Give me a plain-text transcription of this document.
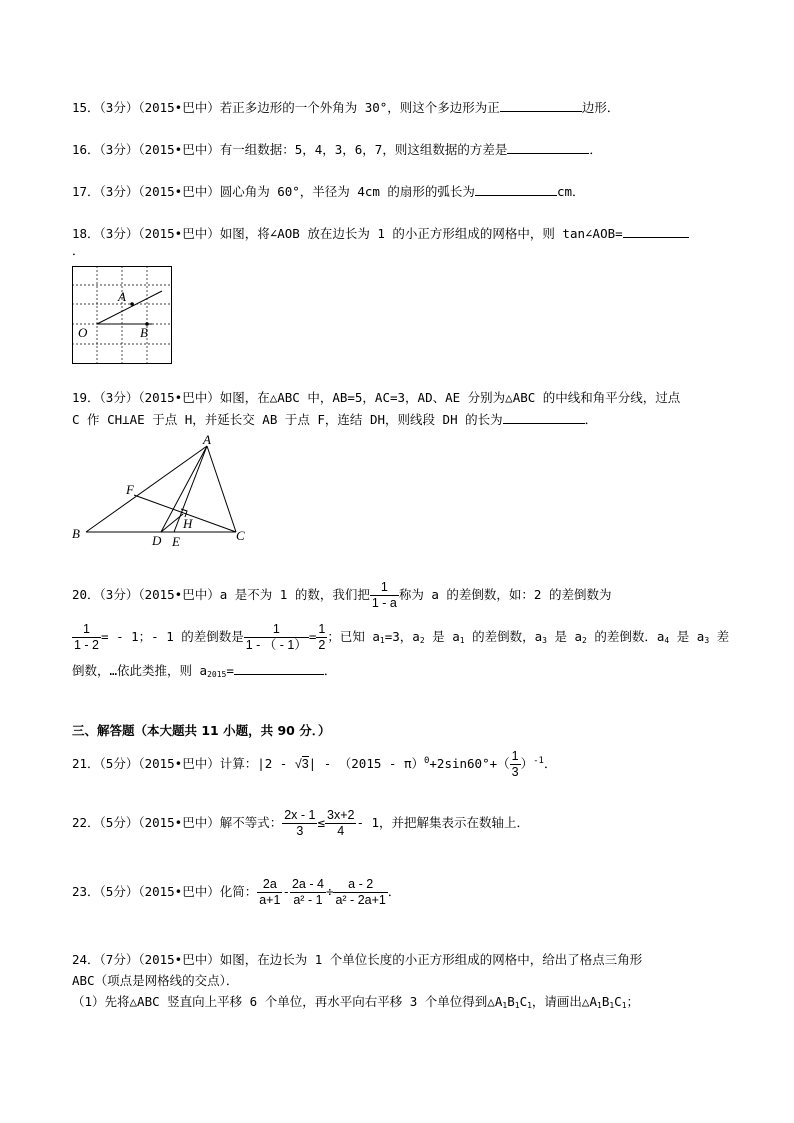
15．（3分）（2015•巴中）若正多边形的一个外角为 30°，则这个多边形为正	边形．
16．（3分）（2015•巴中）有一组数据：5，4，3，6，7，则这组数据的方差是	．
17．（3分）（2015•巴中）圆心角为 60°，半径为 4cm 的扇形的弧长为	cm．
18．（3分）（2015•巴中）如图，将∠AOB 放在边长为 1 的小正方形组成的网格中，则 tan∠AOB=
．
A
O	B
19．（3分）（2015•巴中）如图，在△ABC 中，AB=5，AC=3，AD、AE 分别为△ABC 的中线和角平分线，过点
C 作 CH⊥AE 于点 H，并延长交 AB 于点 F，连结 DH，则线段 DH 的长为	．
A
B	C
D E
F
H
20．（3分）（2015•巴中）a 是不为 1 的数，我们把 $\frac{1}{1 - a}$ 称为 a 的差倒数，如：2 的差倒数为
$\frac{1}{1 - 2}$ = - 1；- 1 的差倒数是 $\frac{1}{1 - ( - 1)} = \frac{1}{2}$ ；已知 $a_1=3$，$a_2$ 是 $a_1$ 的差倒数，$a_3$ 是 $a_2$ 的差倒数．$a_4$ 是 $a_3$ 差
倒数，…依此类推，则 $a_{2015}=$	．
三、解答题（本大题共 11 小题，共 90 分．）
21．（5分）（2015•巴中）计算：$|2 - √3| - (2015 - \pi)^0+2\sin 60^\circ+( \frac{1}{3} )^{-1}$．
22．（5分）（2015•巴中）解不等式： $\frac{2x - 1}{3} \le \frac{3x+2}{4} - 1$，并把解集表示在数轴上．
23．（5分）（2015•巴中）化简： $\frac{2a}{a+1} - \frac{2a - 4}{\text{a² - 1}} \div \frac{a - 2}{\text{a² - 2a+1}}$ ．
24．（7分）（2015•巴中）如图，在边长为 1 个单位长度的小正方形组成的网格中，给出了格点三角形
ABC（项点是网格线的交点）．
（1）先将△ABC 竖直向上平移 6 个单位，再水平向右平移 3 个单位得到$\triangle A_1B_1C_1$，请画出$\triangle A_1B_1C_1$；
